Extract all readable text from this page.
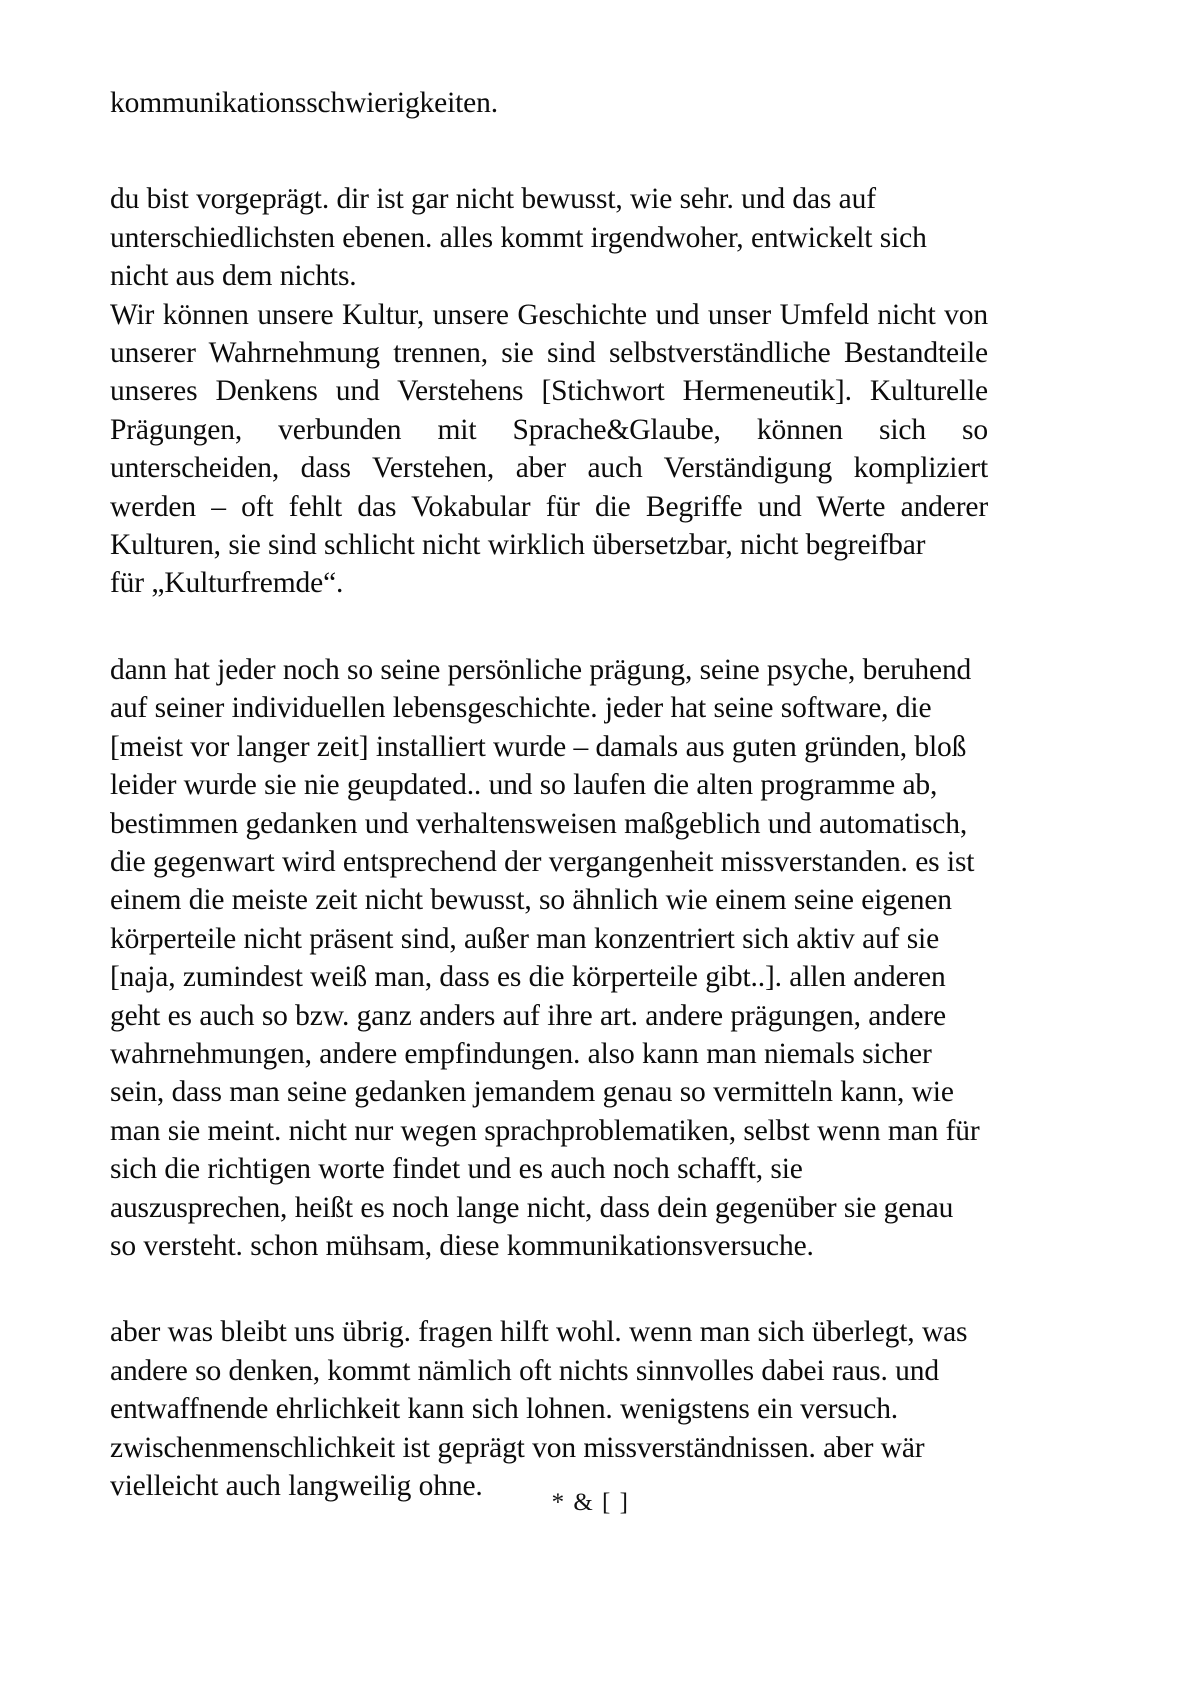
kommunikationsschwierigkeiten.

du bist vorgeprägt. dir ist gar nicht bewusst, wie sehr. und das auf unterschiedlichsten ebenen. alles kommt irgendwoher, entwickelt sich nicht aus dem nichts.

Wir können unsere Kultur, unsere Geschichte und unser Umfeld nicht von unserer Wahrnehmung trennen, sie sind selbstverständliche Bestandteile unseres Denkens und Verstehens [Stichwort Hermeneutik]. Kulturelle Prägungen, verbunden mit Sprache&Glaube, können sich so unterscheiden, dass Verstehen, aber auch Verständigung kompliziert werden – oft fehlt das Vokabular für die Begriffe und Werte anderer Kulturen, sie sind schlicht nicht wirklich übersetzbar, nicht begreifbar
für „Kulturfremde“.

dann hat jeder noch so seine persönliche prägung, seine psyche, beruhend auf seiner individuellen lebensgeschichte. jeder hat seine software, die [meist vor langer zeit] installiert wurde – damals aus guten gründen, bloß leider wurde sie nie geupdated.. und so laufen die alten programme ab, bestimmen gedanken und verhaltensweisen maßgeblich und automatisch, die gegenwart wird entsprechend der vergangenheit missverstanden. es ist einem die meiste zeit nicht bewusst, so ähnlich wie einem seine eigenen körperteile nicht präsent sind, außer man konzentriert sich aktiv auf sie [naja, zumindest weiß man, dass es die körperteile gibt..]. allen anderen geht es auch so bzw. ganz anders auf ihre art. andere prägungen, andere wahrnehmungen, andere empfindungen. also kann man niemals sicher sein, dass man seine gedanken jemandem genau so vermitteln kann, wie man sie meint. nicht nur wegen sprachproblematiken, selbst wenn man für sich die richtigen worte findet und es auch noch schafft, sie auszusprechen, heißt es noch lange nicht, dass dein gegenüber sie genau so versteht. schon mühsam, diese kommunikationsversuche.

aber was bleibt uns übrig. fragen hilft wohl. wenn man sich überlegt, was andere so denken, kommt nämlich oft nichts sinnvolles dabei raus. und entwaffnende ehrlichkeit kann sich lohnen. wenigstens ein versuch. zwischenmenschlichkeit ist geprägt von missverständnissen. aber wär vielleicht auch langweilig ohne.

* & [ ]
